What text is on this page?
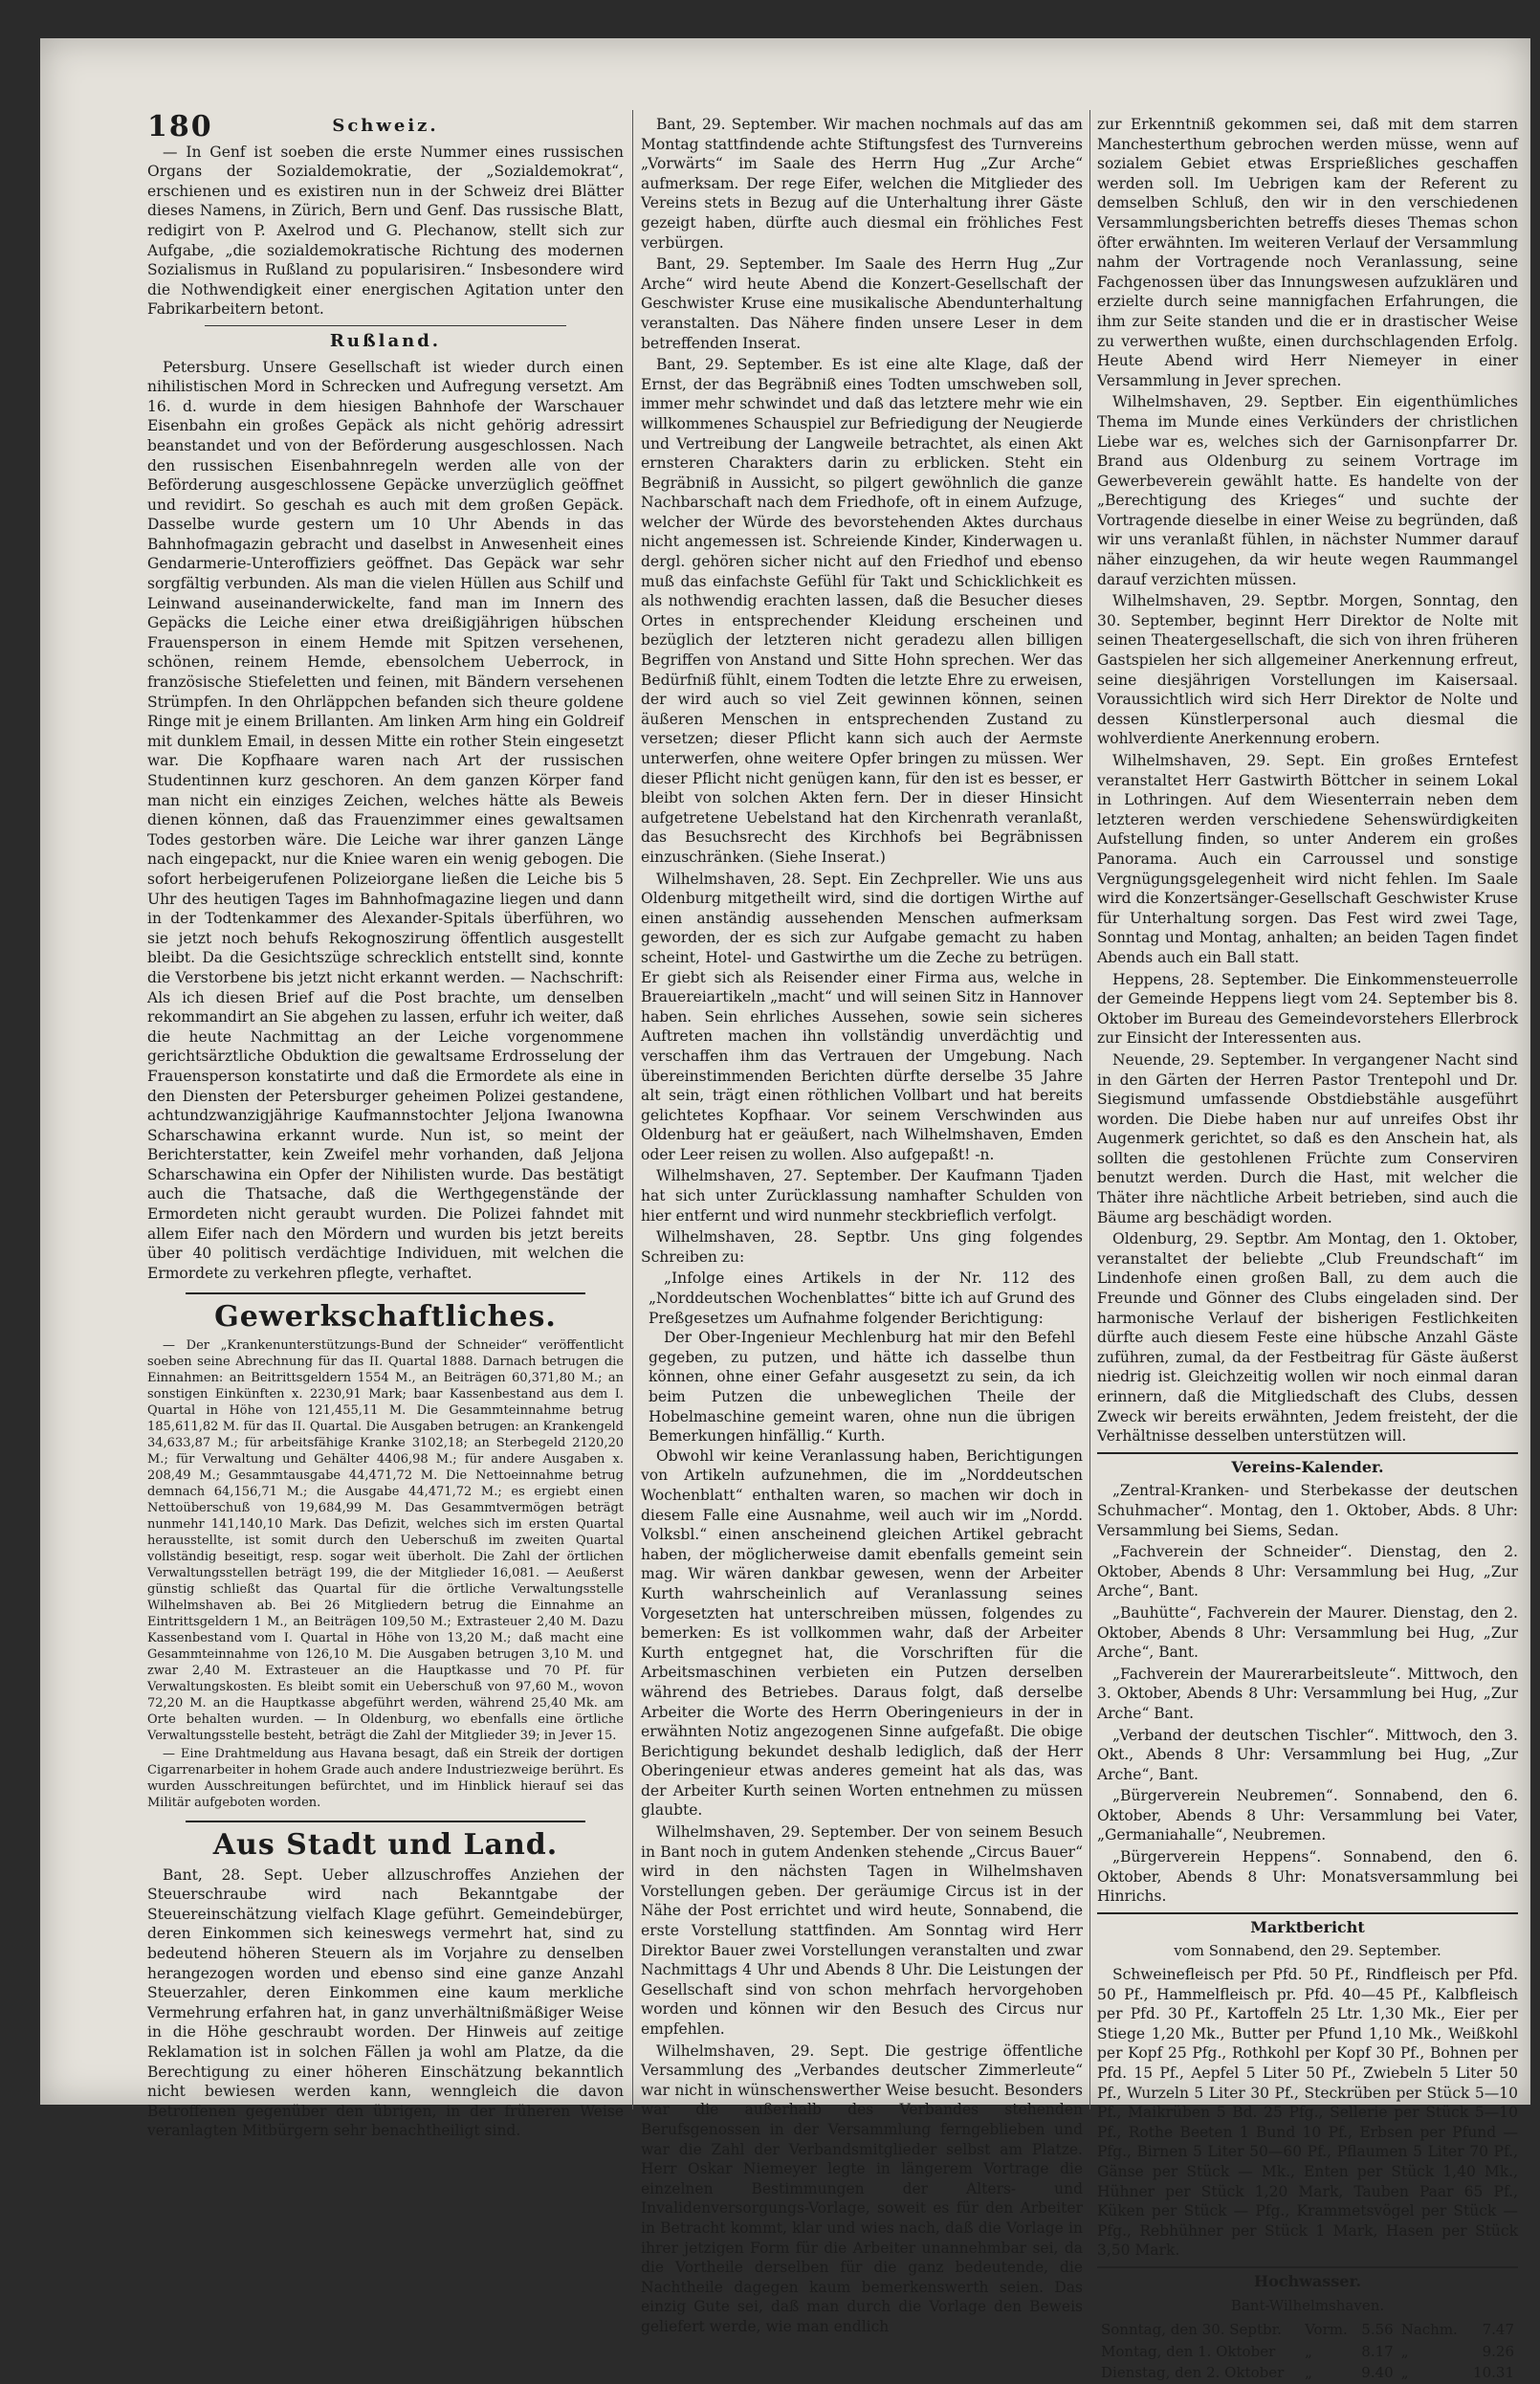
180	Schweiz.

— In Genf ist soeben die erste Nummer eines russischen Organs der Sozialdemokratie, der „Sozialdemokrat“, erschienen und es existiren nun in der Schweiz drei Blätter dieses Namens, in Zürich, Bern und Genf. Das russische Blatt, redigirt von P. Axelrod und G. Plechanow, stellt sich zur Aufgabe, „die sozialdemokratische Richtung des modernen Sozialismus in Rußland zu popularisiren.“ Insbesondere wird die Nothwendigkeit einer energischen Agitation unter den Fabrikarbeitern betont.

Rußland.

Petersburg. Unsere Gesellschaft ist wieder durch einen nihilistischen Mord in Schrecken und Aufregung versetzt. Am 16. d. wurde in dem hiesigen Bahnhofe der Warschauer Eisenbahn ein großes Gepäck als nicht gehörig adressirt beanstandet und von der Beförderung ausgeschlossen. Nach den russischen Eisenbahnregeln werden alle von der Beförderung ausgeschlossene Gepäcke unverzüglich geöffnet und revidirt. So geschah es auch mit dem großen Gepäck. Dasselbe wurde gestern um 10 Uhr Abends in das Bahnhofmagazin gebracht und daselbst in Anwesenheit eines Gendarmerie-Unteroffiziers geöffnet. Das Gepäck war sehr sorgfältig verbunden. Als man die vielen Hüllen aus Schilf und Leinwand auseinanderwickelte, fand man im Innern des Gepäcks die Leiche einer etwa dreißigjährigen hübschen Frauensperson in einem Hemde mit Spitzen versehenen, schönen, reinem Hemde, ebensolchem Ueberrock, in französische Stiefeletten und feinen, mit Bändern versehenen Strümpfen. In den Ohrläppchen befanden sich theure goldene Ringe mit je einem Brillanten. Am linken Arm hing ein Goldreif mit dunklem Email, in dessen Mitte ein rother Stein eingesetzt war. Die Kopfhaare waren nach Art der russischen Studentinnen kurz geschoren. An dem ganzen Körper fand man nicht ein einziges Zeichen, welches hätte als Beweis dienen können, daß das Frauenzimmer eines gewaltsamen Todes gestorben wäre. Die Leiche war ihrer ganzen Länge nach eingepackt, nur die Kniee waren ein wenig gebogen. Die sofort herbeigerufenen Polizeiorgane ließen die Leiche bis 5 Uhr des heutigen Tages im Bahnhofmagazine liegen und dann in der Todtenkammer des Alexander-Spitals überführen, wo sie jetzt noch behufs Rekognoszirung öffentlich ausgestellt bleibt. Da die Gesichtszüge schrecklich entstellt sind, konnte die Verstorbene bis jetzt nicht erkannt werden. — Nachschrift: Als ich diesen Brief auf die Post brachte, um denselben rekommandirt an Sie abgehen zu lassen, erfuhr ich weiter, daß die heute Nachmittag an der Leiche vorgenommene gerichtsärztliche Obduktion die gewaltsame Erdrosselung der Frauensperson konstatirte und daß die Ermordete als eine in den Diensten der Petersburger geheimen Polizei gestandene, achtundzwanzigjährige Kaufmannstochter Jeljona Iwanowna Scharschawina erkannt wurde. Nun ist, so meint der Berichterstatter, kein Zweifel mehr vorhanden, daß Jeljona Scharschawina ein Opfer der Nihilisten wurde. Das bestätigt auch die Thatsache, daß die Werthgegenstände der Ermordeten nicht geraubt wurden. Die Polizei fahndet mit allem Eifer nach den Mördern und wurden bis jetzt bereits über 40 politisch verdächtige Individuen, mit welchen die Ermordete zu verkehren pflegte, verhaftet.

Gewerkschaftliches.

— Der „Krankenunterstützungs-Bund der Schneider“ veröffentlicht soeben seine Abrechnung für das II. Quartal 1888. Darnach betrugen die Einnahmen: an Beitrittsgeldern 1554 M., an Beiträgen 60,371,80 M.; an sonstigen Einkünften x. 2230,91 Mark; baar Kassenbestand aus dem I. Quartal in Höhe von 121,455,11 M. Die Gesammteinnahme betrug 185,611,82 M. für das II. Quartal. Die Ausgaben betrugen: an Krankengeld 34,633,87 M.; für arbeitsfähige Kranke 3102,18; an Sterbegeld 2120,20 M.; für Verwaltung und Gehälter 4406,98 M.; für andere Ausgaben x. 208,49 M.; Gesammtausgabe 44,471,72 M. Die Nettoeinnahme betrug demnach 64,156,71 M.; die Ausgabe 44,471,72 M.; es ergiebt einen Nettoüberschuß von 19,684,99 M. Das Gesammtvermögen beträgt nunmehr 141,140,10 Mark. Das Defizit, welches sich im ersten Quartal herausstellte, ist somit durch den Ueberschuß im zweiten Quartal vollständig beseitigt, resp. sogar weit überholt. Die Zahl der örtlichen Verwaltungsstellen beträgt 199, die der Mitglieder 16,081. — Aeußerst günstig schließt das Quartal für die örtliche Verwaltungsstelle Wilhelmshaven ab. Bei 26 Mitgliedern betrug die Einnahme an Eintrittsgeldern 1 M., an Beiträgen 109,50 M.; Extrasteuer 2,40 M. Dazu Kassenbestand vom I. Quartal in Höhe von 13,20 M.; daß macht eine Gesammteinnahme von 126,10 M. Die Ausgaben betrugen 3,10 M. und zwar 2,40 M. Extrasteuer an die Hauptkasse und 70 Pf. für Verwaltungskosten. Es bleibt somit ein Ueberschuß von 97,60 M., wovon 72,20 M. an die Hauptkasse abgeführt werden, während 25,40 Mk. am Orte behalten wurden. — In Oldenburg, wo ebenfalls eine örtliche Verwaltungsstelle besteht, beträgt die Zahl der Mitglieder 39; in Jever 15.

— Eine Drahtmeldung aus Havana besagt, daß ein Streik der dortigen Cigarrenarbeiter in hohem Grade auch andere Industriezweige berührt. Es wurden Ausschreitungen befürchtet, und im Hinblick hierauf sei das Militär aufgeboten worden.

Aus Stadt und Land.

Bant, 28. Sept. Ueber allzuschroffes Anziehen der Steuerschraube wird nach Bekanntgabe der Steuereinschätzung vielfach Klage geführt. Gemeindebürger, deren Einkommen sich keineswegs vermehrt hat, sind zu bedeutend höheren Steuern als im Vorjahre zu denselben herangezogen worden und ebenso sind eine ganze Anzahl Steuerzahler, deren Einkommen eine kaum merkliche Vermehrung erfahren hat, in ganz unverhältnißmäßiger Weise in die Höhe geschraubt worden. Der Hinweis auf zeitige Reklamation ist in solchen Fällen ja wohl am Platze, da die Berechtigung zu einer höheren Einschätzung bekanntlich nicht bewiesen werden kann, wenngleich die davon Betroffenen gegenüber den übrigen, in der früheren Weise veranlagten Mitbürgern sehr benachtheiligt sind.

Bant, 29. September. Wir machen nochmals auf das am Montag stattfindende achte Stiftungsfest des Turnvereins „Vorwärts“ im Saale des Herrn Hug „Zur Arche“ aufmerksam. Der rege Eifer, welchen die Mitglieder des Vereins stets in Bezug auf die Unterhaltung ihrer Gäste gezeigt haben, dürfte auch diesmal ein fröhliches Fest verbürgen.

Bant, 29. September. Im Saale des Herrn Hug „Zur Arche“ wird heute Abend die Konzert-Gesellschaft der Geschwister Kruse eine musikalische Abendunterhaltung veranstalten. Das Nähere finden unsere Leser in dem betreffenden Inserat.

Bant, 29. September. Es ist eine alte Klage, daß der Ernst, der das Begräbniß eines Todten umschweben soll, immer mehr schwindet und daß das letztere mehr wie ein willkommenes Schauspiel zur Befriedigung der Neugierde und Vertreibung der Langweile betrachtet, als einen Akt ernsteren Charakters darin zu erblicken. Steht ein Begräbniß in Aussicht, so pilgert gewöhnlich die ganze Nachbarschaft nach dem Friedhofe, oft in einem Aufzuge, welcher der Würde des bevorstehenden Aktes durchaus nicht angemessen ist. Schreiende Kinder, Kinderwagen u. dergl. gehören sicher nicht auf den Friedhof und ebenso muß das einfachste Gefühl für Takt und Schicklichkeit es als nothwendig erachten lassen, daß die Besucher dieses Ortes in entsprechender Kleidung erscheinen und bezüglich der letzteren nicht geradezu allen billigen Begriffen von Anstand und Sitte Hohn sprechen. Wer das Bedürfniß fühlt, einem Todten die letzte Ehre zu erweisen, der wird auch so viel Zeit gewinnen können, seinen äußeren Menschen in entsprechenden Zustand zu versetzen; dieser Pflicht kann sich auch der Aermste unterwerfen, ohne weitere Opfer bringen zu müssen. Wer dieser Pflicht nicht genügen kann, für den ist es besser, er bleibt von solchen Akten fern. Der in dieser Hinsicht aufgetretene Uebelstand hat den Kirchenrath veranlaßt, das Besuchsrecht des Kirchhofs bei Begräbnissen einzuschränken. (Siehe Inserat.)

Wilhelmshaven, 28. Sept. Ein Zechpreller. Wie uns aus Oldenburg mitgetheilt wird, sind die dortigen Wirthe auf einen anständig aussehenden Menschen aufmerksam geworden, der es sich zur Aufgabe gemacht zu haben scheint, Hotel- und Gastwirthe um die Zeche zu betrügen. Er giebt sich als Reisender einer Firma aus, welche in Brauereiartikeln „macht“ und will seinen Sitz in Hannover haben. Sein ehrliches Aussehen, sowie sein sicheres Auftreten machen ihn vollständig unverdächtig und verschaffen ihm das Vertrauen der Umgebung. Nach übereinstimmenden Berichten dürfte derselbe 35 Jahre alt sein, trägt einen röthlichen Vollbart und hat bereits gelichtetes Kopfhaar. Vor seinem Verschwinden aus Oldenburg hat er geäußert, nach Wilhelmshaven, Emden oder Leer reisen zu wollen. Also aufgepaßt! -n.

Wilhelmshaven, 27. September. Der Kaufmann Tjaden hat sich unter Zurücklassung namhafter Schulden von hier entfernt und wird nunmehr steckbrieflich verfolgt.

Wilhelmshaven, 28. Septbr. Uns ging folgendes Schreiben zu:

„Infolge eines Artikels in der Nr. 112 des „Norddeutschen Wochenblattes“ bitte ich auf Grund des Preßgesetzes um Aufnahme folgender Berichtigung:

Der Ober-Ingenieur Mechlenburg hat mir den Befehl gegeben, zu putzen, und hätte ich dasselbe thun können, ohne einer Gefahr ausgesetzt zu sein, da ich beim Putzen die unbeweglichen Theile der Hobelmaschine gemeint waren, ohne nun die übrigen Bemerkungen hinfällig.“ Kurth.

Obwohl wir keine Veranlassung haben, Berichtigungen von Artikeln aufzunehmen, die im „Norddeutschen Wochenblatt“ enthalten waren, so machen wir doch in diesem Falle eine Ausnahme, weil auch wir im „Nordd. Volksbl.“ einen anscheinend gleichen Artikel gebracht haben, der möglicherweise damit ebenfalls gemeint sein mag. Wir wären dankbar gewesen, wenn der Arbeiter Kurth wahrscheinlich auf Veranlassung seines Vorgesetzten hat unterschreiben müssen, folgendes zu bemerken: Es ist vollkommen wahr, daß der Arbeiter Kurth entgegnet hat, die Vorschriften für die Arbeitsmaschinen verbieten ein Putzen derselben während des Betriebes. Daraus folgt, daß derselbe Arbeiter die Worte des Herrn Oberingenieurs in der in erwähnten Notiz angezogenen Sinne aufgefaßt. Die obige Berichtigung bekundet deshalb lediglich, daß der Herr Oberingenieur etwas anderes gemeint hat als das, was der Arbeiter Kurth seinen Worten entnehmen zu müssen glaubte.

Wilhelmshaven, 29. September. Der von seinem Besuch in Bant noch in gutem Andenken stehende „Circus Bauer“ wird in den nächsten Tagen in Wilhelmshaven Vorstellungen geben. Der geräumige Circus ist in der Nähe der Post errichtet und wird heute, Sonnabend, die erste Vorstellung stattfinden. Am Sonntag wird Herr Direktor Bauer zwei Vorstellungen veranstalten und zwar Nachmittags 4 Uhr und Abends 8 Uhr. Die Leistungen der Gesellschaft sind von schon mehrfach hervorgehoben worden und können wir den Besuch des Circus nur empfehlen.

Wilhelmshaven, 29. Sept. Die gestrige öffentliche Versammlung des „Verbandes deutscher Zimmerleute“ war nicht in wünschenswerther Weise besucht. Besonders war die außerhalb des Verbandes stehenden Berufsgenossen in der Versammlung ferngeblieben und war die Zahl der Verbandsmitglieder selbst am Platze. Herr Oskar Niemeyer legte in längerem Vortrage die einzelnen Bestimmungen der Alters- und Invalidenversorgungs-Vorlage, soweit es für den Arbeiter in Betracht kommt, klar und wies nach, daß die Vorlage in ihrer jetzigen Form für die Arbeiter unannehmbar sei, da die Vortheile derselben für die ganz bedeutende, die Nachtheile dagegen kaum bemerkenswerth seien. Das einzig Gute sei, daß man durch die Vorlage den Beweis geliefert werde, wie man endlich

zur Erkenntniß gekommen sei, daß mit dem starren Manchesterthum gebrochen werden müsse, wenn auf sozialem Gebiet etwas Ersprießliches geschaffen werden soll. Im Uebrigen kam der Referent zu demselben Schluß, den wir in den verschiedenen Versammlungsberichten betreffs dieses Themas schon öfter erwähnten. Im weiteren Verlauf der Versammlung nahm der Vortragende noch Veranlassung, seine Fachgenossen über das Innungswesen aufzuklären und erzielte durch seine mannigfachen Erfahrungen, die ihm zur Seite standen und die er in drastischer Weise zu verwerthen wußte, einen durchschlagenden Erfolg. Heute Abend wird Herr Niemeyer in einer Versammlung in Jever sprechen.

Wilhelmshaven, 29. Septber. Ein eigenthümliches Thema im Munde eines Verkünders der christlichen Liebe war es, welches sich der Garnisonpfarrer Dr. Brand aus Oldenburg zu seinem Vortrage im Gewerbeverein gewählt hatte. Es handelte von der „Berechtigung des Krieges“ und suchte der Vortragende dieselbe in einer Weise zu begründen, daß wir uns veranlaßt fühlen, in nächster Nummer darauf näher einzugehen, da wir heute wegen Raummangel darauf verzichten müssen.

Wilhelmshaven, 29. Septbr. Morgen, Sonntag, den 30. September, beginnt Herr Direktor de Nolte mit seinen Theatergesellschaft, die sich von ihren früheren Gastspielen her sich allgemeiner Anerkennung erfreut, seine diesjährigen Vorstellungen im Kaisersaal. Voraussichtlich wird sich Herr Direktor de Nolte und dessen Künstlerpersonal auch diesmal die wohlverdiente Anerkennung erobern.

Wilhelmshaven, 29. Sept. Ein großes Erntefest veranstaltet Herr Gastwirth Böttcher in seinem Lokal in Lothringen. Auf dem Wiesenterrain neben dem letzteren werden verschiedene Sehenswürdigkeiten Aufstellung finden, so unter Anderem ein großes Panorama. Auch ein Carroussel und sonstige Vergnügungsgelegenheit wird nicht fehlen. Im Saale wird die Konzertsänger-Gesellschaft Geschwister Kruse für Unterhaltung sorgen. Das Fest wird zwei Tage, Sonntag und Montag, anhalten; an beiden Tagen findet Abends auch ein Ball statt.

Heppens, 28. September. Die Einkommensteuerrolle der Gemeinde Heppens liegt vom 24. September bis 8. Oktober im Bureau des Gemeindevorstehers Ellerbrock zur Einsicht der Interessenten aus.

Neuende, 29. September. In vergangener Nacht sind in den Gärten der Herren Pastor Trentepohl und Dr. Siegismund umfassende Obstdiebstähle ausgeführt worden. Die Diebe haben nur auf unreifes Obst ihr Augenmerk gerichtet, so daß es den Anschein hat, als sollten die gestohlenen Früchte zum Conserviren benutzt werden. Durch die Hast, mit welcher die Thäter ihre nächtliche Arbeit betrieben, sind auch die Bäume arg beschädigt worden.

Oldenburg, 29. Septbr. Am Montag, den 1. Oktober, veranstaltet der beliebte „Club Freundschaft“ im Lindenhofe einen großen Ball, zu dem auch die Freunde und Gönner des Clubs eingeladen sind. Der harmonische Verlauf der bisherigen Festlichkeiten dürfte auch diesem Feste eine hübsche Anzahl Gäste zuführen, zumal, da der Festbeitrag für Gäste äußerst niedrig ist. Gleichzeitig wollen wir noch einmal daran erinnern, daß die Mitgliedschaft des Clubs, dessen Zweck wir bereits erwähnten, Jedem freisteht, der die Verhältnisse desselben unterstützen will.

Vereins-Kalender.

„Zentral-Kranken- und Sterbekasse der deutschen Schuhmacher“. Montag, den 1. Oktober, Abds. 8 Uhr: Versammlung bei Siems, Sedan.

„Fachverein der Schneider“. Dienstag, den 2. Oktober, Abends 8 Uhr: Versammlung bei Hug, „Zur Arche“, Bant.

„Bauhütte“, Fachverein der Maurer. Dienstag, den 2. Oktober, Abends 8 Uhr: Versammlung bei Hug, „Zur Arche“, Bant.

„Fachverein der Maurerarbeitsleute“. Mittwoch, den 3. Oktober, Abends 8 Uhr: Versammlung bei Hug, „Zur Arche“ Bant.

„Verband der deutschen Tischler“. Mittwoch, den 3. Okt., Abends 8 Uhr: Versammlung bei Hug, „Zur Arche“, Bant.

„Bürgerverein Neubremen“. Sonnabend, den 6. Oktober, Abends 8 Uhr: Versammlung bei Vater, „Germaniahalle“, Neubremen.

„Bürgerverein Heppens“. Sonnabend, den 6. Oktober, Abends 8 Uhr: Monatsversammlung bei Hinrichs.

Marktbericht
vom Sonnabend, den 29. September.

Schweinefleisch per Pfd. 50 Pf., Rindfleisch per Pfd. 50 Pf., Hammelfleisch pr. Pfd. 40—45 Pf., Kalbfleisch per Pfd. 30 Pf., Kartoffeln 25 Ltr. 1,30 Mk., Eier per Stiege 1,20 Mk., Butter per Pfund 1,10 Mk., Weißkohl per Kopf 25 Pfg., Rothkohl per Kopf 30 Pf., Bohnen per Pfd. 15 Pf., Aepfel 5 Liter 50 Pf., Zwiebeln 5 Liter 50 Pf., Wurzeln 5 Liter 30 Pf., Steckrüben per Stück 5—10 Pf., Maikrüben 5 Bd. 25 Pfg., Sellerie per Stück 5—10 Pf., Rothe Beeten 1 Bund 10 Pf., Erbsen per Pfund — Pfg., Birnen 5 Liter 50—60 Pf., Pflaumen 5 Liter 70 Pf., Gänse per Stück — Mk., Enten per Stück 1,40 Mk., Hühner per Stück 1,20 Mark, Tauben Paar 65 Pf., Küken per Stück — Pfg., Krammetsvögel per Stück — Pfg., Rebhühner per Stück 1 Mark, Hasen per Stück 3,50 Mark.

Hochwasser.
Bant-Wilhelmshaven.
Sonntag, den 30. Septbr.	Vorm.	5.56	Nachm.	7.47
Montag, den 1. Oktober	„	8.17	„	9.26
Dienstag, den 2. Oktober	„	9.40	„	10.31
